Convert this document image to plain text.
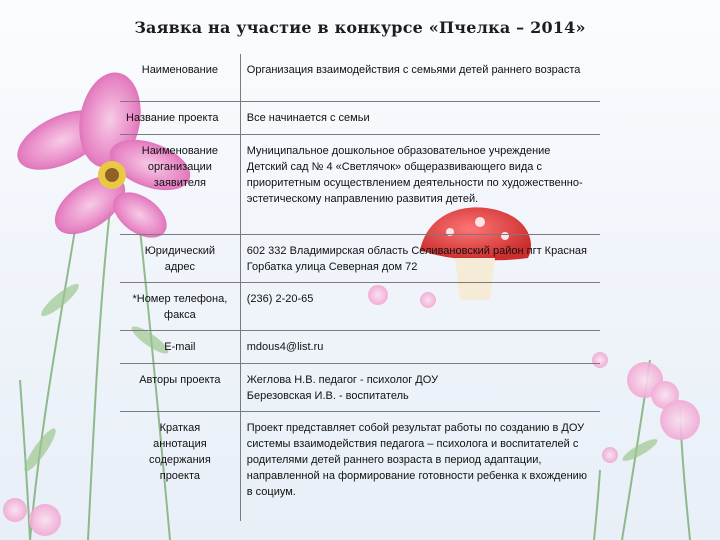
Заявка на участие в конкурсе «Пчелка – 2014»
Наименование	Организация взаимодействия с семьями детей раннего возраста

Название проекта	Все начинается с семьи

Наименование организации заявителя	Муниципальное дошкольное образовательное учреждение Детский сад № 4 «Светлячок» общеразвивающего вида с приоритетным осуществлением деятельности по художественно-эстетическому направлению развития детей.

Юридический адрес	602 332 Владимирская область Селивановский район пгт Красная Горбатка улица Северная дом 72

*Номер телефона, факса	(236) 2-20-65

E-mail	mdous4@list.ru

Авторы проекта	Жеглова Н.В. педагог - психолог ДОУ Березовская И.В. - воспитатель

Краткая аннотация содержания проекта	Проект представляет собой результат работы по созданию в ДОУ системы взаимодействия педагога – психолога и воспитателей с родителями детей раннего возраста в период адаптации, направленной на формирование готовности ребенка к вхождению в социум.
